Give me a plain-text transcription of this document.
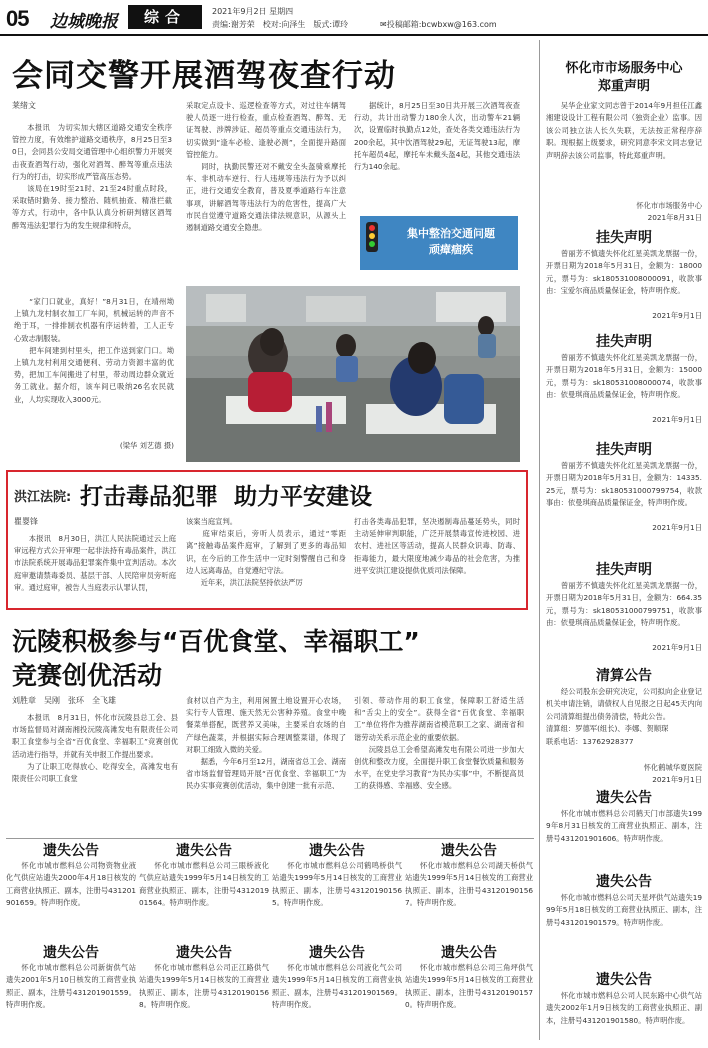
05 边城晚报	综合	2021年9月2日 星期四
责编:谢芳荣　校对:向泽生　版式:谭玲	✉投稿邮箱:bcwbxw@163.com
会同交警开展酒驾夜查行动
莱绪文
　　本报讯　为切实加大辖区道路交通安全秩序管控力度，有效维护道路交通秩序，8月25日至30日，会同县公安局交通管理中心组织警力开展突击夜查酒驾行动，强化对酒驾、醉驾等重点违法行为的打击，切实形成严管高压态势。
　　该局在19时至21时、21至24时重点时段，采取错时勤务、接力整治、随机抽查、精准拦截等方式，行动中，各中队认真分析研判辖区酒驾醉驾违法犯罪行为的发生规律和特点，
采取定点设卡、巡逻检查等方式，对过往车辆驾驶人员逐一进行检查，重点检查酒驾、醉驾、无证驾驶、涉牌涉证、超员等重点交通违法行为，切实做到“逢车必检、逢驶必测”，全面提升路面管控能力。
　　同时，执勤民警还对不戴安全头盔骑乘摩托车、非机动车逆行、行人违规等违法行为予以纠正，进行交通安全教育，普及夏季道路行车注意事项，讲解酒驾等违法行为的危害性，提高广大市民自觉遵守道路交通法律法规意识，从源头上遏制道路交通安全隐患。
　　据统计，8月25日至30日共开展三次酒驾夜查行动，共计出动警力180余人次，出动警车21辆次，设置临时执勤点12处，查处各类交通违法行为200余起，其中饮酒驾驶29起，无证驾驶13起，摩托车超员4起，摩托车未戴头盔4起，其他交通违法行为140余起。
集中整治交通问题
顽瘴痼疾
　　“家门口就业，真好！”8月31日，在靖州坳上镇九龙村制衣加工厂车间，机械运转的声音不绝于耳，一排排制衣机器有序运转着，工人正专心致志制服装。
　　把车间建到村里头，把工作送到家门口。坳上镇九龙村利用交通便利、劳动力资源丰富的优势，把加工车间搬进了村里，带动周边群众就近务工就业。据介绍，该车间已吸纳26名农民就业，人均实现收入3000元。
(梁华 刘艺德 摄)
洪江法院: 打击毒品犯罪  助力平安建设
瞿婴锋
　　本报讯　8月30日，洪江人民法院通过云上庭审远程方式公开审理一起非法持有毒品案件，洪江市法院系统开展毒品犯罪案件集中宣判活动。本次庭审邀请禁毒委员、基层干部、人民陪审员旁听庭审。通过庭审，被告人当庭表示认罪认罚，
该案当庭宣判。
　　庭审结束后，旁听人员表示，通过“零距离”接触毒品案件庭审，了解到了更多的毒品知识，在今后的工作生活中一定时刻警醒自己和身边人远离毒品，自觉遵纪守法。
　　近年来，洪江法院坚持依法严厉
打击各类毒品犯罪，坚决遏制毒品蔓延势头，同时主动延伸审判职能，广泛开展禁毒宣传进校园、进农村、进社区等活动，提高人民群众识毒、防毒、拒毒能力，最大限度地减少毒品的社会危害，为推进平安洪江建设提供优质司法保障。
沅陵积极参与“百优食堂、幸福职工”
竞赛创优活动
刘胜章　吴刚　张环　全飞雄
　　本报讯　8月31日，怀化市沅陵县总工会、县市场监督局对湖南湘投沅陵高滩发电有限责任公司职工食堂参与全省“百优食堂、幸福职工”竞赛创优活动进行指导，并就有关申报工作提出要求。
　　为了让职工吃得放心、吃得安全，高滩发电有限责任公司职工食堂
食材以自产为主，利用闲置土地设置开心农场，实行专人管理、施天然无公害种养殖。食堂中晚餐菜单搭配，既营养又美味，主要采自农场的自产绿色蔬菜，并根据实际合理调整菜谱，体现了对职工细致入微的关爱。
　　据悉，今年6月至12月，湖南省总工会、湖南省市场监督管理局开展“百优食堂、幸福职工”为民办实事竞赛创优活动，集中创建一批有示范、
引领、带动作用的职工食堂，保障职工舒适生活和“舌尖上的安全”。获得全省“百优食堂、幸福职工”单位将作为推荐湖南省模范职工之家、湖南省和谐劳动关系示范企业的重要依据。
　　沅陵县总工会希望高滩发电有限公司进一步加大创优和整改力度，全面提升职工食堂餐饮质量和服务水平，在党史学习教育“为民办实事”中，不断提高员工的获得感、幸福感、安全感。
遗失公告
　　怀化市城市燃料总公司物资物业液化气供应站遗失2000年4月18日核发的工商营业执照正、副本，注册号431201901659。特声明作废。
遗失公告
　　怀化市城市燃料总公司三眼桥液化气供应站遗失1999年5月14日核发的工商营业执照正、副本，注册号431201901564。特声明作废。
遗失公告
　　怀化市城市燃料总公司鹤鸣桥供气站遗失1999年5月14日核发的工商营业执照正、副本，注册号431201901565。特声明作废。
遗失公告
　　怀化市城市燃料总公司湖天桥供气站遗失1999年5月14日核发的工商营业执照正、副本，注册号431201901567。特声明作废。
遗失公告
　　怀化市城市燃料总公司新街供气站遗失2001年5月10日核发的工商营业执照正、副本，注册号431201901559。特声明作废。
遗失公告
　　怀化市城市燃料总公司正江路供气站遗失1999年5月14日核发的工商营业执照正、副本，注册号431201901568。特声明作废。
遗失公告
　　怀化市城市燃料总公司液化气公司遗失1999年5月14日核发的工商营业执照正、副本，注册号431201901569。特声明作废。
遗失公告
　　怀化市城市燃料总公司三角坪供气站遗失1999年5月14日核发的工商营业执照正、副本，注册号431201901570。特声明作废。
怀化市市场服务中心
郑重声明
　　吴华企业家文同志曾于2014年9月担任江鑫湘建设设计工程有限公司（独资企业）监事。因该公司独立法人长久失联，无法按正常程序辞职。现根据上级要求，研究同意李宋文同志登记声明辞去该公司监事，特此郑重声明。
怀化市市场服务中心
2021年8月31日
挂失声明
　　曾丽芳不慎遗失怀化红星美凯龙票据一份，开票日期为2018年5月31日，金额为：18000元，票号为：sk180531008000091，收款事由：宝爱尔商品质量保证金，特声明作废。
2021年9月1日
挂失声明
　　曾丽芳不慎遗失怀化红星美凯龙票据一份，开票日期为2018年5月31日，金额为：15000元，票号为：sk180531008000074，收款事由：依曼琪商品质量保证金，特声明作废。
2021年9月1日
挂失声明
　　曾丽芳不慎遗失怀化红星美凯龙票据一份，开票日期为2018年5月31日，金额为：14335.25元，票号为：sk180531000799754，收款事由：依曼琪商品质量保证金，特声明作废。
2021年9月1日
挂失声明
　　曾丽芳不慎遗失怀化红星美凯龙票据一份，开票日期为2018年5月31日，金额为：664.35元，票号为：sk180531000799751，收款事由：依曼琪商品质量保证金，特声明作废。
2021年9月1日
清算公告
　　经公司股东会研究决定，公司拟向企业登记机关申请注销，请债权人自见报之日起45天内向公司清算组提出债务清偿，特此公告。
清算组：罗德军(组长)、李娜、贺顺琛
联系电话：13762928377
怀化鹤城华夏医院
2021年9月1日
遗失公告
　　怀化市城市燃料总公司鹤天门市部遗失1999年8月31日核发的工商营业执照正、副本，注册号431201901606。特声明作废。
遗失公告
　　怀化市城市燃料总公司天星坪供气站遗失1999年5月18日核发的工商营业执照正、副本，注册号431201901579。特声明作废。
遗失公告
　　怀化市城市燃料总公司人民东路中心供气站遗失2002年1月9日核发的工商营业执照正、副本，注册号431201901580。特声明作废。
